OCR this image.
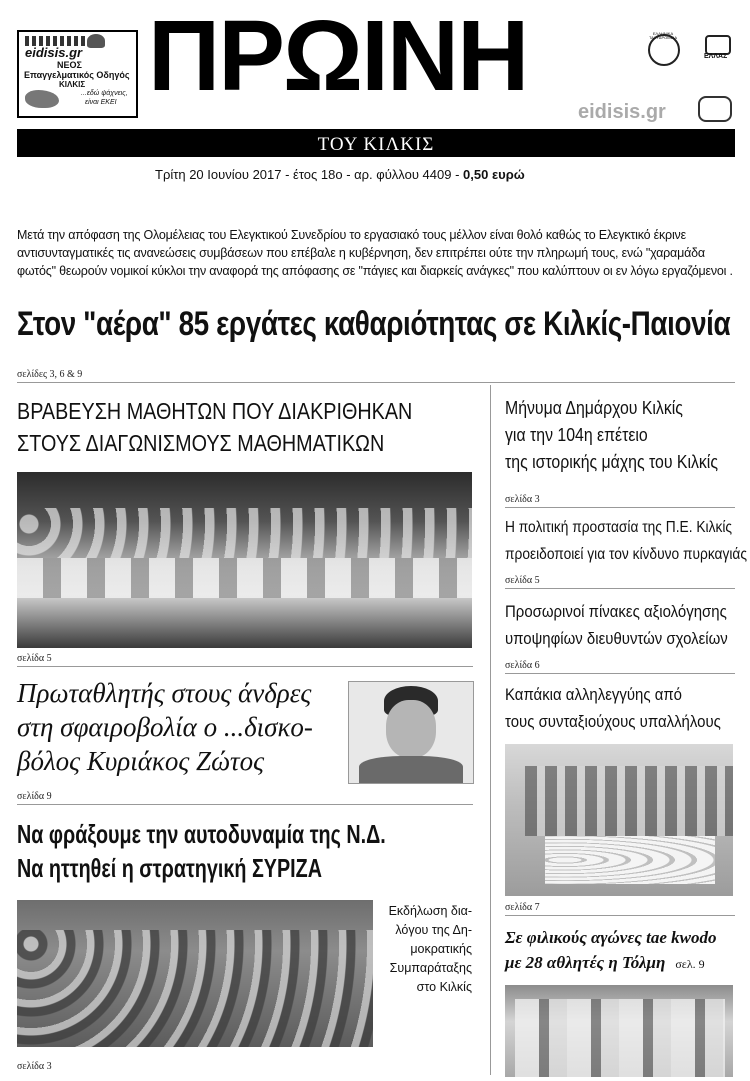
eidisis.gr
ΝΕΟΣ
Επαγγελματικός Οδηγός
ΚΙΛΚΙΣ
...εδώ ψάχνεις,
είναι ΕΚΕΙ ΠΡΩΙΝΗ	ΕΛΛΗΝΙΚΑ ΤΑΧΥΔΡΟΜΕΙΑ
ΕΛΛΑΣ
eidisis.gr
ΤΟΥ ΚΙΛΚΙΣ
Τρίτη 20 Ιουνίου 2017 - έτος 18ο - αρ. φύλλου 4409 - 0,50 ευρώ
Μετά την απόφαση της Ολομέλειας του Ελεγκτικού Συνεδρίου το εργασιακό τους μέλλον είναι θολό καθώς το Ελεγκτικό έκρινε αντισυνταγματικές τις ανανεώσεις συμβάσεων που επέβαλε η κυβέρνηση, δεν επιτρέπει ούτε την πληρωμή τους, ενώ "χαραμάδα φωτός" θεωρούν νομικοί κύκλοι την αναφορά της απόφασης σε "πάγιες και διαρκείς ανάγκες" που καλύπτουν οι εν λόγω εργαζόμενοι .
Στον "αέρα" 85 εργάτες καθαριότητας σε Κιλκίς-Παιονία
σελίδες 3, 6 & 9
ΒΡΑΒΕΥΣΗ ΜΑΘΗΤΩΝ ΠΟΥ ΔΙΑΚΡΙΘΗΚΑΝ
ΣΤΟΥΣ ΔΙΑΓΩΝΙΣΜΟΥΣ ΜΑΘΗΜΑΤΙΚΩΝ
σελίδα 5
Πρωταθλητής στους άνδρες
στη σφαιροβολία ο ...δισκο-
βόλος Κυριάκος Ζώτος
σελίδα 9
Να φράξουμε την αυτοδυναμία της Ν.Δ.
Να ηττηθεί η στρατηγική ΣΥΡΙΖΑ
Εκδήλωση δια-
λόγου της Δη-
μοκρατικής
Συμπαράταξης
στο Κιλκίς
σελίδα 3
Μήνυμα Δημάρχου Κιλκίς
για την 104η επέτειο
της ιστορικής μάχης του Κιλκίς
σελίδα 3
Η πολιτική προστασία της Π.Ε. Κιλκίς
προειδοποιεί για τον κίνδυνο πυρκαγιάς
σελίδα 5
Προσωρινοί πίνακες αξιολόγησης
υποψηφίων διευθυντών σχολείων
σελίδα 6
Καπάκια αλληλεγγύης από
τους συνταξιούχους υπαλλήλους
σελίδα 7
Σε φιλικούς αγώνες tae kwodo
με 28 αθλητές η Τόλμη σελ. 9
